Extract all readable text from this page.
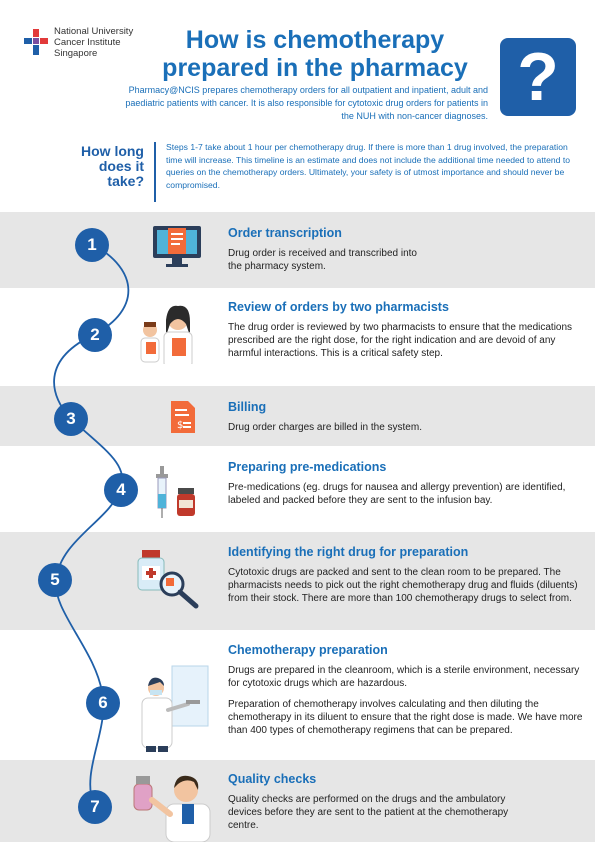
National University
Cancer Institute
Singapore	How is chemotherapy
prepared in the pharmacy ?
Pharmacy@NCIS prepares chemotherapy orders for all outpatient and inpatient, adult and paediatric patients with cancer. It is also responsible for cytotoxic drug orders for patients in the NUH with non-cancer diagnoses.
How long
does it
take?
Steps 1-7 take about 1 hour per chemotherapy drug. If there is more than 1 drug involved, the preparation time will increase. This timeline is an estimate and does not include the additional time needed to attend to queries on the chemotherapy orders. Ultimately, your safety is of utmost importance and should never be compromised.
1
2
3
4
5
6
7
$
Order transcription
Drug order is received and transcribed into the pharmacy system.
Review of orders by two pharmacists
The drug order is reviewed by two pharmacists to ensure that the medications prescribed are the right dose, for the right indication and are devoid of any harmful interactions. This is a critical safety step.
Billing
Drug order charges are billed in the system.
Preparing pre-medications
Pre-medications (eg. drugs for nausea and allergy prevention) are identified, labeled and packed before they are sent to the infusion bay.
Identifying the right drug for preparation
Cytotoxic drugs are packed and sent to the clean room to be prepared. The pharmacists needs to pick out the right chemotherapy drug and fluids (diluents) from their stock. There are more than 100 chemotherapy drugs to select from.
Chemotherapy preparation
Drugs are prepared in the cleanroom, which is a sterile environment, necessary for cytotoxic drugs which are hazardous.
Preparation of chemotherapy involves calculating and then diluting the chemotherapy in its diluent to ensure that the right dose is made. We have more than 400 types of chemotherapy regimens that can be prepared.
Quality checks
Quality checks are performed on the drugs and the ambulatory devices before they are sent to the patient at the chemotherapy centre.
